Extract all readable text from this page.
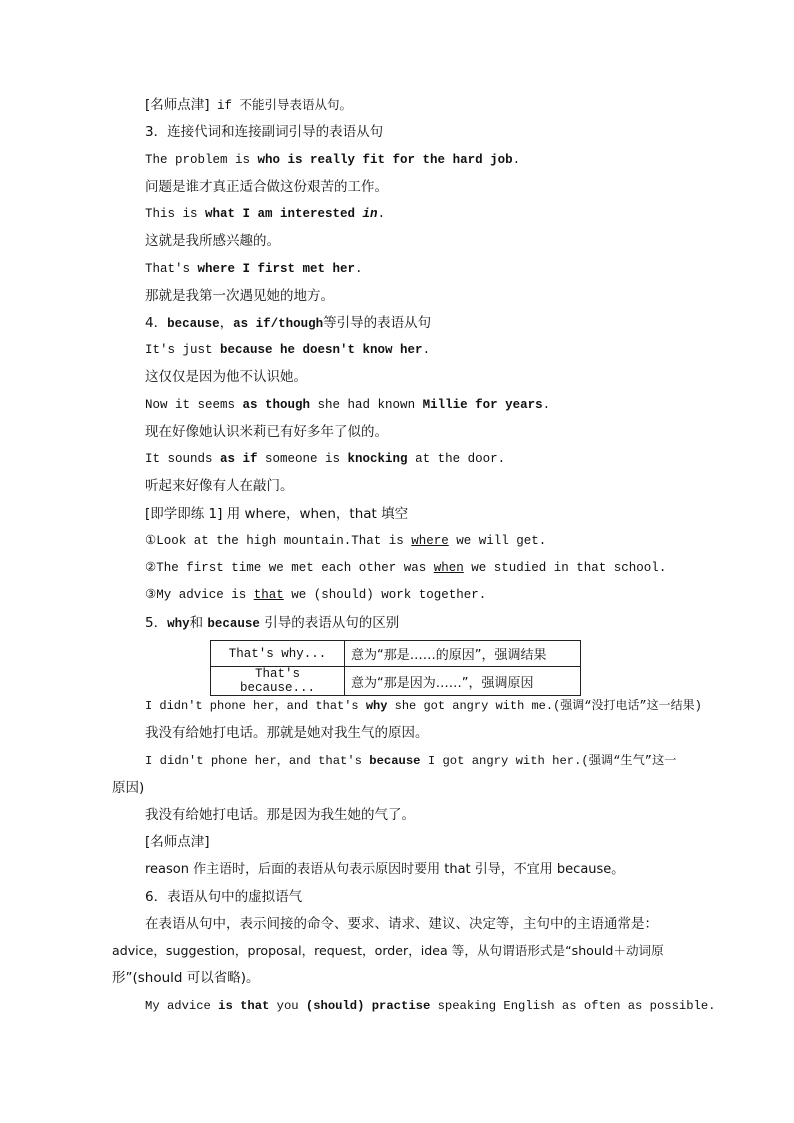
[名师点津] if 不能引导表语从句。
3．连接代词和连接副词引导的表语从句
The problem is who is really fit for the hard job.
问题是谁才真正适合做这份艰苦的工作。
This is what I am interested in.
这就是我所感兴趣的。
That's where I first met her.
那就是我第一次遇见她的地方。
4．because，as if/though等引导的表语从句
It's just because he doesn't know her.
这仅仅是因为他不认识她。
Now it seems as though she had known Millie for years.
现在好像她认识米莉已有好多年了似的。
It sounds as if someone is knocking at the door.
听起来好像有人在敲门。
[即学即练 1] 用 where，when，that 填空
①Look at the high mountain.That is where we will get.
②The first time we met each other was when we studied in that school.
③My advice is that we (should) work together.
5．why和 because 引导的表语从句的区别
That's why...	意为“那是……的原因”，强调结果
That's because...	意为“那是因为……”，强调原因
I didn't phone her，and that's why she got angry with me.(强调“没打电话”这一结果)
我没有给她打电话。那就是她对我生气的原因。
I didn't phone her，and that's because I got angry with her.(强调“生气”这一
原因)
我没有给她打电话。那是因为我生她的气了。
[名师点津]
reason 作主语时，后面的表语从句表示原因时要用 that 引导，不宜用 because。
6．表语从句中的虚拟语气
在表语从句中，表示间接的命令、要求、请求、建议、决定等，主句中的主语通常是：
advice，suggestion，proposal，request，order，idea 等，从句谓语形式是“should＋动词原
形”(should 可以省略)。
My advice is that you (should) practise speaking English as often as possible.
